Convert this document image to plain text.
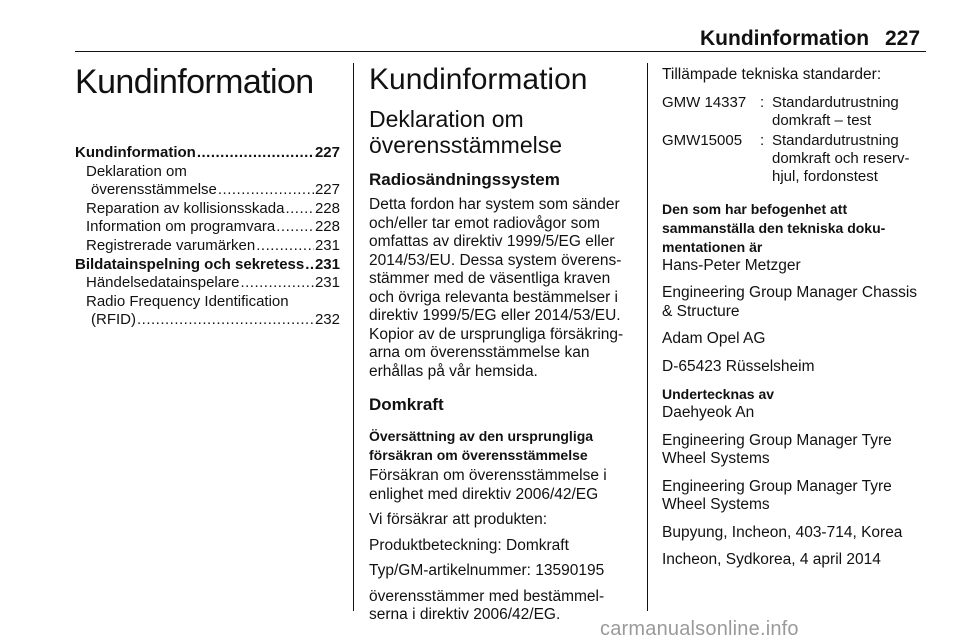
Kundinformation 227
Kundinformation
Kundinformation .....	227
Deklaration om
överensstämmelse .....	227
Reparation av kollisionsskada ..... 228
Information om programvara .....	228
Registrerade varumärken .....	231
Bildatainspelning och sekretess ..... 231
Händelsedatainspelare .....	231
Radio Frequency Identification
(RFID) .....	232
Kundinformation
Deklaration om
överensstämmelse
Radiosändningssystem

Detta fordon har system som sänder och/eller tar emot radiovågor som omfattas av direktiv 1999/5/EG eller 2014/53/EU. Dessa system överensstämmer med de väsentliga kraven och övriga relevanta bestämmelser i direktiv 1999/5/EG eller 2014/53/EU. Kopior av de ursprungliga försäkringarna om överensstämmelse kan erhållas på vår hemsida.

Domkraft
Översättning av den ursprungliga försäkran om överensstämmelse

Försäkran om överensstämmelse i enlighet med direktiv 2006/42/EG

Vi försäkrar att produkten:

Produktbeteckning: Domkraft

Typ/GM-artikelnummer: 13590195

överensstämmer med bestämmelserna i direktiv 2006/42/EG.

Tillämpade tekniska standarder:

GMW 14337 : Standardutrustning domkraft – test
GMW15005	: Standardutrustning domkraft och reservhjul, fordonstest
Den som har befogenhet att sammanställa den tekniska dokumentationen är

Hans-Peter Metzger

Engineering Group Manager Chassis & Structure

Adam Opel AG

D-65423 Rüsselsheim

Undertecknas av

Daehyeok An

Engineering Group Manager Tyre Wheel Systems

Engineering Group Manager Tyre Wheel Systems

Bupyung, Incheon, 403-714, Korea

Incheon, Sydkorea, 4 april 2014

carmanualsonline.info
